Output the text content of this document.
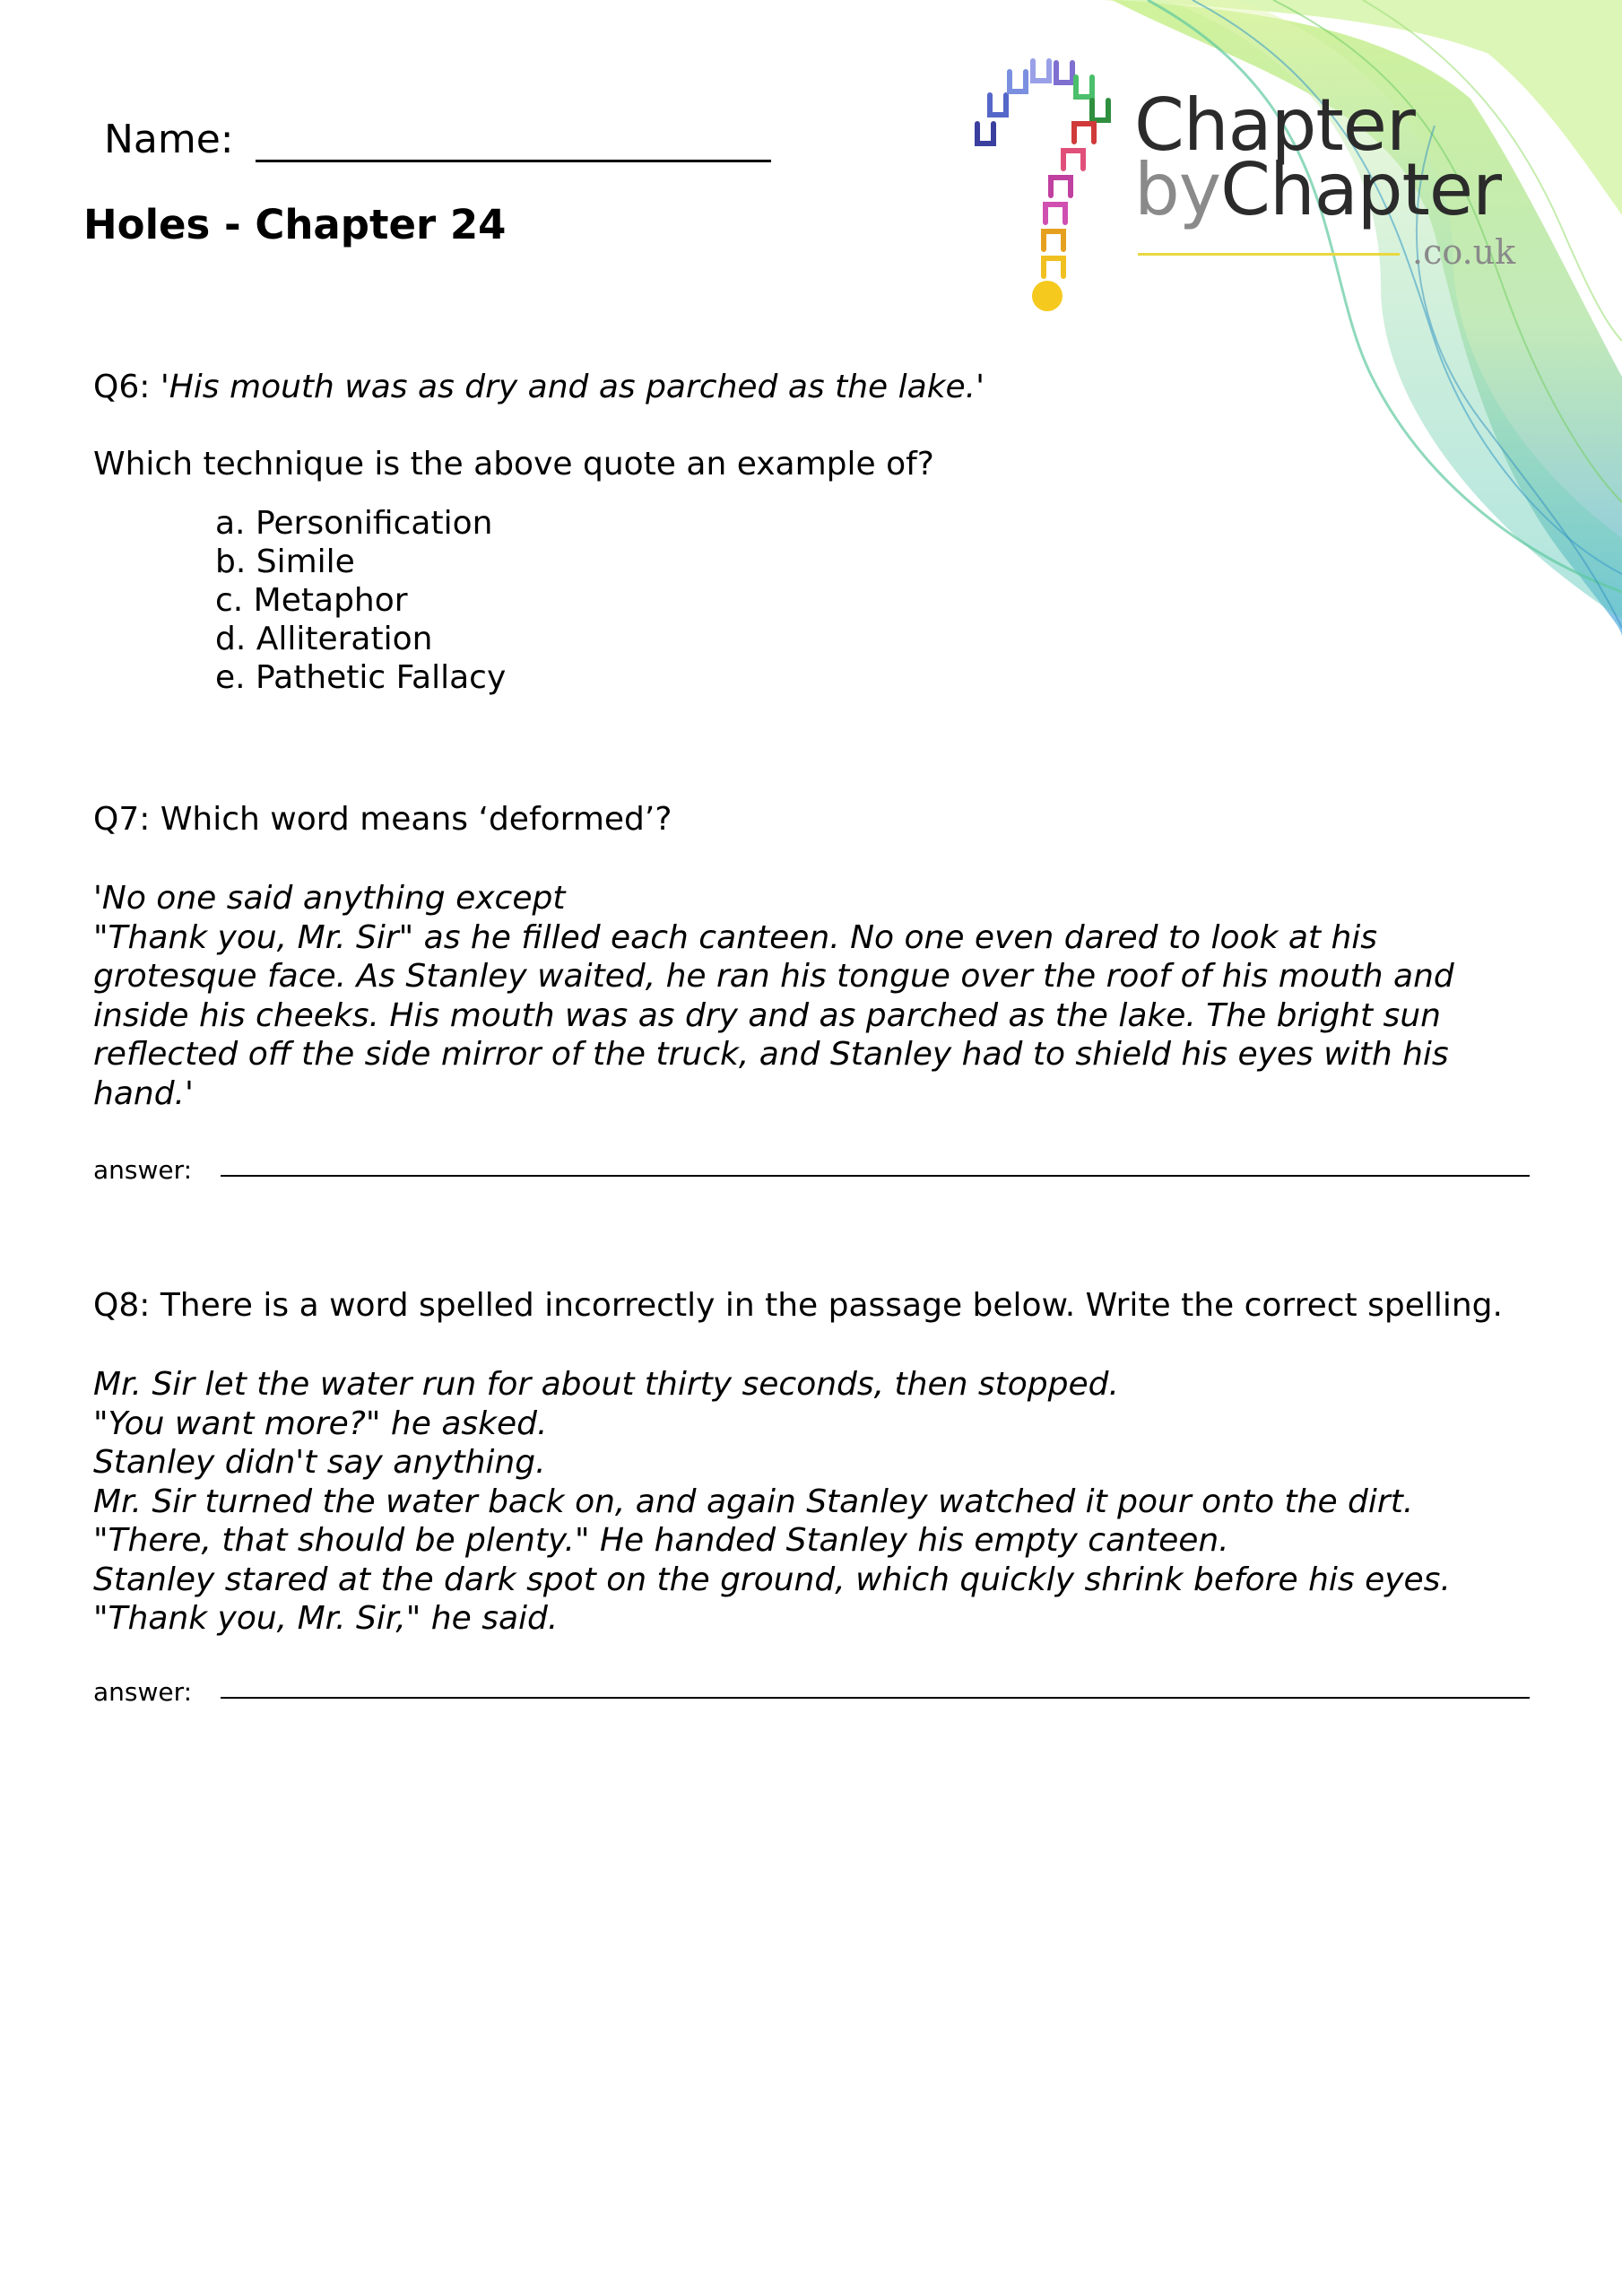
Name:
Holes - Chapter 24
Chapter
byChapter
.co.uk
Q6: 'His mouth was as dry and as parched as the lake.'
Which technique is the above quote an example of?
a. Personification
b. Simile
c. Metaphor
d. Alliteration
e. Pathetic Fallacy
Q7: Which word means ‘deformed’?
'No one said anything except
"Thank you, Mr. Sir" as he filled each canteen. No one even dared to look at his
grotesque face. As Stanley waited, he ran his tongue over the roof of his mouth and
inside his cheeks. His mouth was as dry and as parched as the lake. The bright sun
reflected off the side mirror of the truck, and Stanley had to shield his eyes with his
hand.'
answer:
Q8: There is a word spelled incorrectly in the passage below. Write the correct spelling.
Mr. Sir let the water run for about thirty seconds, then stopped.
"You want more?" he asked.
Stanley didn't say anything.
Mr. Sir turned the water back on, and again Stanley watched it pour onto the dirt.
"There, that should be plenty." He handed Stanley his empty canteen.
Stanley stared at the dark spot on the ground, which quickly shrink before his eyes.
"Thank you, Mr. Sir," he said.
answer:
